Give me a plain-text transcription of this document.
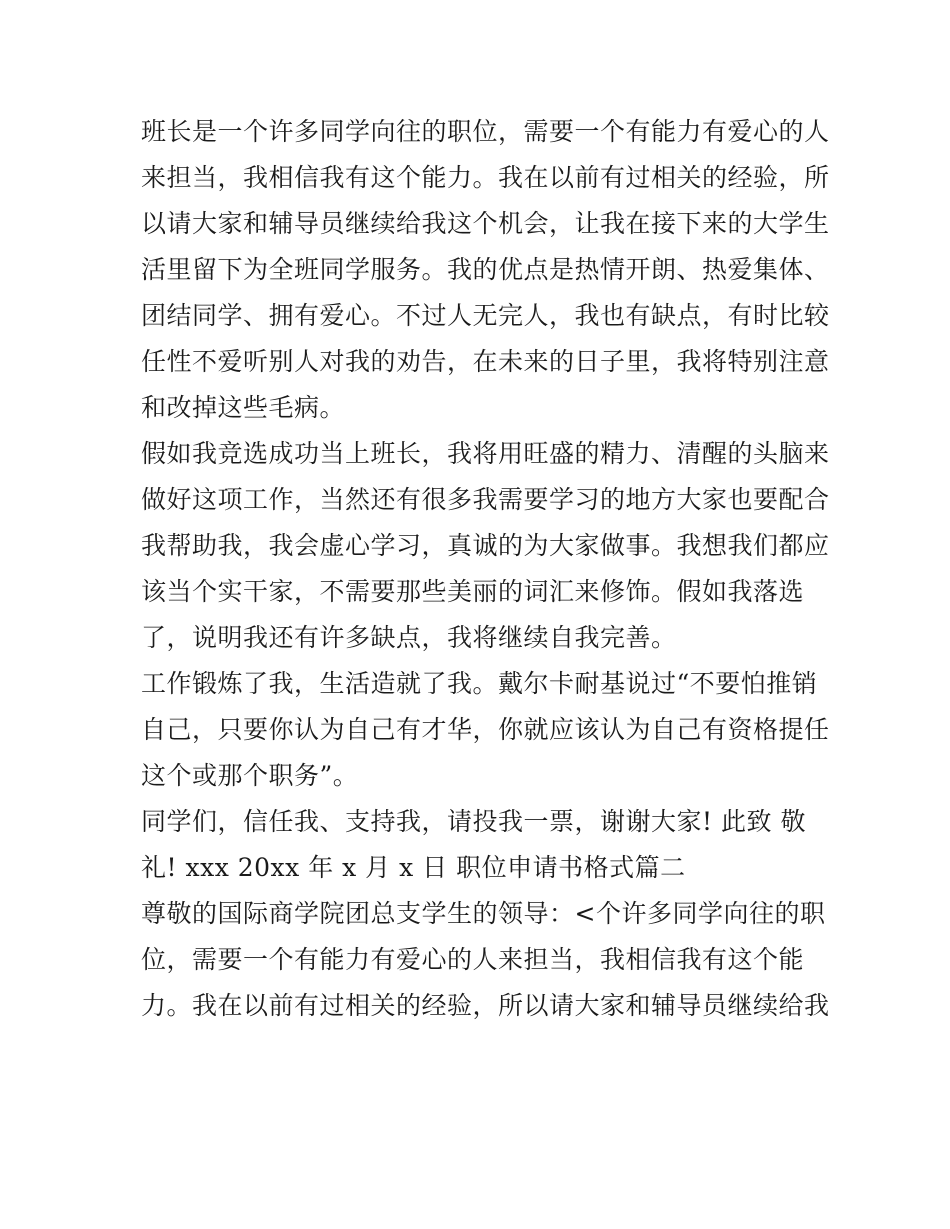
班长是一个许多同学向往的职位，需要一个有能力有爱心的人
来担当，我相信我有这个能力。我在以前有过相关的经验，所
以请大家和辅导员继续给我这个机会，让我在接下来的大学生
活里留下为全班同学服务。我的优点是热情开朗、热爱集体、
团结同学、拥有爱心。不过人无完人，我也有缺点，有时比较
任性不爱听别人对我的劝告，在未来的日子里，我将特别注意
和改掉这些毛病。
假如我竞选成功当上班长，我将用旺盛的精力、清醒的头脑来
做好这项工作，当然还有很多我需要学习的地方大家也要配合
我帮助我，我会虚心学习，真诚的为大家做事。我想我们都应
该当个实干家，不需要那些美丽的词汇来修饰。假如我落选
了，说明我还有许多缺点，我将继续自我完善。
工作锻炼了我，生活造就了我。戴尔卡耐基说过“不要怕推销
自己，只要你认为自己有才华，你就应该认为自己有资格提任
这个或那个职务”。
同学们，信任我、支持我，请投我一票，谢谢大家! 此致 敬
礼! xxx 20xx 年 x 月 x 日 职位申请书格式篇二
尊敬的国际商学院团总支学生的领导：<个许多同学向往的职
位，需要一个有能力有爱心的人来担当，我相信我有这个能
力。我在以前有过相关的经验，所以请大家和辅导员继续给我
